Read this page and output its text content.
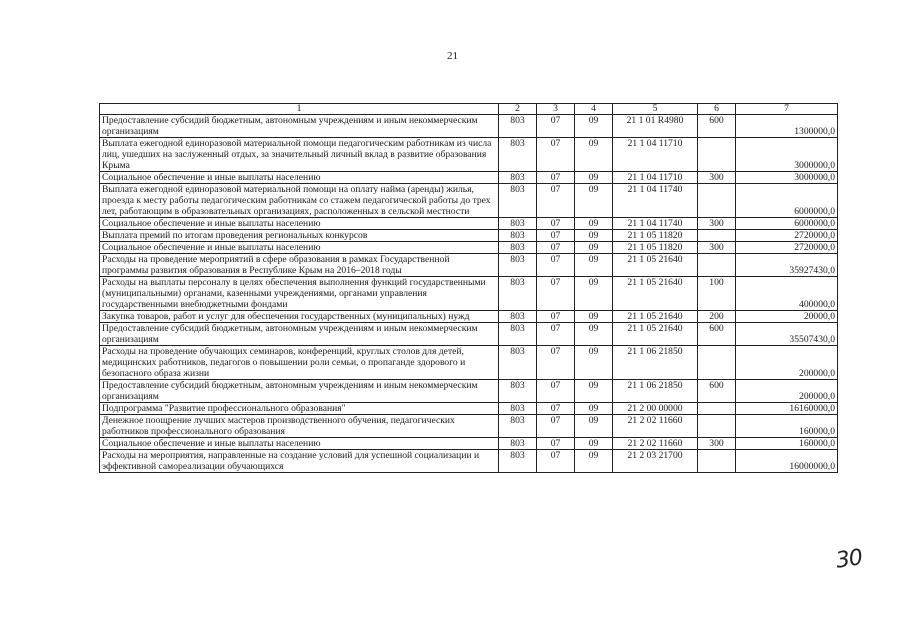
21
1	2	3	4	5	6	7
Предоставление субсидий бюджетным, автономным учреждениям и иным некоммерческим организациям	803	07	09	21 1 01 R4980	600	1300000,0
Выплата ежегодной единоразовой материальной помощи педагогическим работникам из числа лиц, ушедших на заслуженный отдых, за значительный личный вклад в развитие образования Крыма	803	07	09	21 1 04 11710		3000000,0
Социальное обеспечение и иные выплаты населению	803	07	09	21 1 04 11710	300	3000000,0
Выплата ежегодной единоразовой материальной помощи на оплату найма (аренды) жилья, проезда к месту работы педагогическим работникам со стажем педагогической работы до трех лет, работающим в образовательных организациях, расположенных в сельской местности	803	07	09	21 1 04 11740		6000000,0
Социальное обеспечение и иные выплаты населению	803	07	09	21 1 04 11740	300	6000000,0
Выплата премий по итогам проведения региональных конкурсов	803	07	09	21 1 05 11820		2720000,0
Социальное обеспечение и иные выплаты населению	803	07	09	21 1 05 11820	300	2720000,0
Расходы на проведение мероприятий в сфере образования в рамках Государственной программы развития образования в Республике Крым на 2016–2018 годы	803	07	09	21 1 05 21640		35927430,0
Расходы на выплаты персоналу в целях обеспечения выполнения функций государственными (муниципальными) органами, казенными учреждениями, органами управления государственными внебюджетными фондами	803	07	09	21 1 05 21640	100	400000,0
Закупка товаров, работ и услуг для обеспечения государственных (муниципальных) нужд	803	07	09	21 1 05 21640	200	20000,0
Предоставление субсидий бюджетным, автономным учреждениям и иным некоммерческим организациям	803	07	09	21 1 05 21640	600	35507430,0
Расходы на проведение обучающих семинаров, конференций, круглых столов для детей, медицинских работников, педагогов о повышении роли семьи, о пропаганде здорового и безопасного образа жизни	803	07	09	21 1 06 21850		200000,0
Предоставление субсидий бюджетным, автономным учреждениям и иным некоммерческим организациям	803	07	09	21 1 06 21850	600	200000,0
Подпрограмма "Развитие профессионального образования"	803	07	09	21 2 00 00000		16160000,0
Денежное поощрение лучших мастеров производственного обучения, педагогических работников профессионального образования	803	07	09	21 2 02 11660		160000,0
Социальное обеспечение и иные выплаты населению	803	07	09	21 2 02 11660	300	160000,0
Расходы на мероприятия, направленные на создание условий для успешной социализации и эффективной самореализации обучающихся	803	07	09	21 2 03 21700		16000000,0
30
